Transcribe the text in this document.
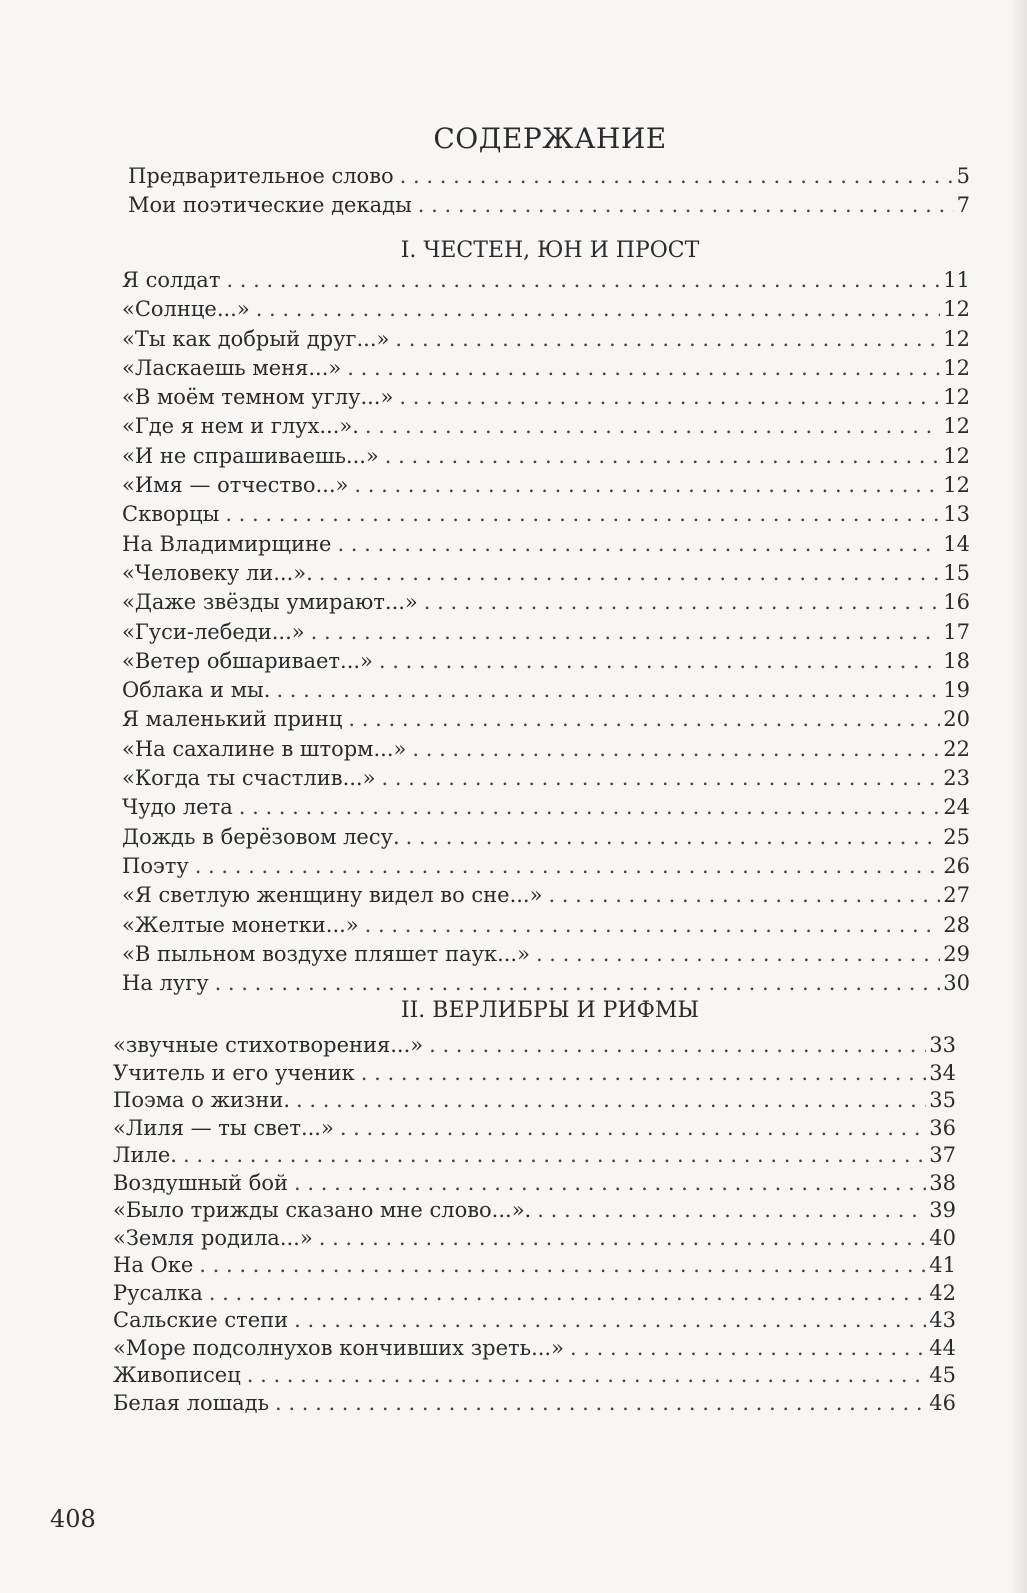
СОДЕРЖАНИЕ
Предварительное слово . . .	5
Мои поэтические декады . . .	7
I. ЧЕСТЕН, ЮН И ПРОСТ
Я солдат . . .	11
«Солнце...» . . .	12
«Ты как добрый друг...» . . .	12
«Ласкаешь меня...» . . .	12
«В моём темном углу...» . . .	12
«Где я нем и глух...». . . .	12
«И не спрашиваешь...» . . .	12
«Имя — отчество...» . . .	12
Скворцы . . .	13
На Владимирщине . . .	14
«Человеку ли...». . . .	15
«Даже звёзды умирают...» . . .	16
«Гуси-лебеди...» . . .	17
«Ветер обшаривает...» . . .	18
Облака и мы. . . .	19
Я маленький принц . . .	20
«На сахалине в шторм...» . . .	22
«Когда ты счастлив...» . . .	23
Чудо лета . . .	24
Дождь в берёзовом лесу. . . .	25
Поэту . . .	26
«Я светлую женщину видел во сне...» . . .	27
«Желтые монетки...» . . .	28
«В пыльном воздухе пляшет паук...» . . .	29
На лугу . . .	30
II. ВЕРЛИБРЫ И РИФМЫ
«звучные стихотворения...» . . .	33
Учитель и его ученик . . .	34
Поэма о жизни. . . .	35
«Лиля — ты свет...» . . .	36
Лиле. . . .	37
Воздушный бой . . .	38
«Было трижды сказано мне слово...». . . .	39
«Земля родила...» . . .	40
На Оке . . .	41
Русалка . . .	42
Сальские степи . . .	43
«Море подсолнухов кончивших зреть...» . . .	44
Живописец . . .	45
Белая лошадь . . .	46
408
